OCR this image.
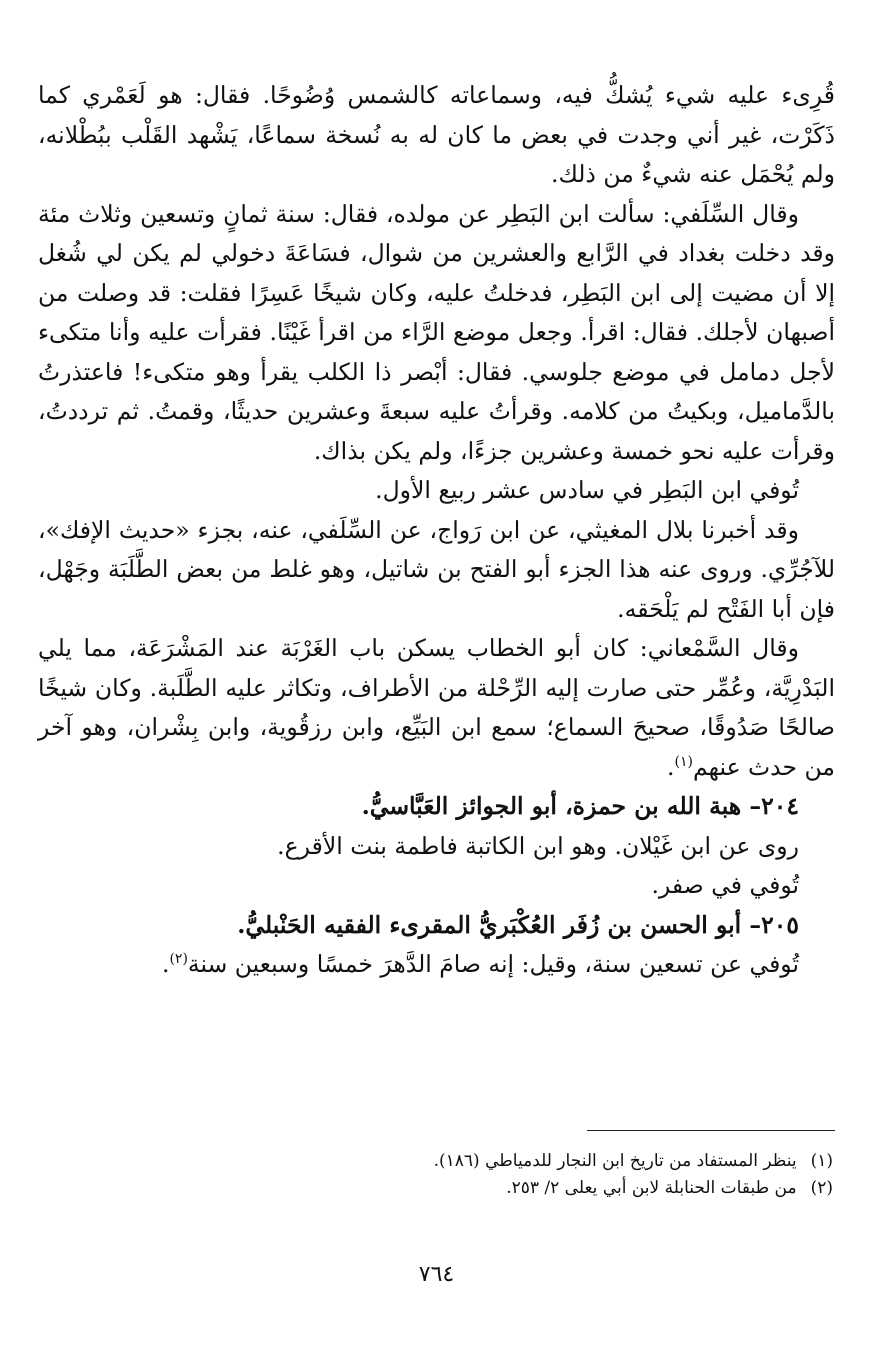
قُرِىء عليه شيء يُشكُّ فيه، وسماعاته كالشمس وُضُوحًا. فقال: هو لَعَمْري كما ذَكَرْت، غير أني وجدت في بعض ما كان له به نُسخة سماعًا، يَشْهد القَلْب ببُطْلانه، ولم يُحْمَل عنه شيءٌ من ذلك.

وقال السِّلَفي: سألت ابن البَطِر عن مولده، فقال: سنة ثمانٍ وتسعين وثلاث مئة وقد دخلت بغداد في الرَّابع والعشرين من شوال، فسَاعَةَ دخولي لم يكن لي شُغل إلا أن مضيت إلى ابن البَطِر، فدخلتُ عليه، وكان شيخًا عَسِرًا فقلت: قد وصلت من أصبهان لأجلك. فقال: اقرأ. وجعل موضع الرَّاء من اقرأ غَيْنًا. فقرأت عليه وأنا متكىء لأجل دمامل في موضع جلوسي. فقال: أبْصر ذا الكلب يقرأ وهو متكىء! فاعتذرتُ بالدَّماميل، وبكيتُ من كلامه. وقرأتُ عليه سبعةَ وعشرين حديثًا، وقمتُ. ثم ترددتُ، وقرأت عليه نحو خمسة وعشرين جزءًا، ولم يكن بذاك.

تُوفي ابن البَطِر في سادس عشر ربيع الأول.

وقد أخبرنا بلال المغيثي، عن ابن رَواج، عن السِّلَفي، عنه، بجزء «حديث الإفك»، للآجُرِّي. وروى عنه هذا الجزء أبو الفتح بن شاتيل، وهو غلط من بعض الطَّلَبَة وجَهْل، فإن أبا الفَتْح لم يَلْحَقه.

وقال السَّمْعاني: كان أبو الخطاب يسكن باب الغَرْبَة عند المَشْرَعَة، مما يلي البَدْرِيَّة، وعُمِّر حتى صارت إليه الرِّحْلة من الأطراف، وتكاثر عليه الطَّلَبة. وكان شيخًا صالحًا صَدُوقًا، صحيحَ السماع؛ سمع ابن البَيِّع، وابن رزقُوية، وابن بِشْران، وهو آخر من حدث عنهم$^{(١)}$.

٢٠٤– هبة الله بن حمزة، أبو الجوائز العَبَّاسيُّ.

روى عن ابن غَيْلان. وهو ابن الكاتبة فاطمة بنت الأقرع.

تُوفي في صفر.

٢٠٥– أبو الحسن بن زُفَر العُكْبَريُّ المقرىء الفقيه الحَنْبليُّ.

تُوفي عن تسعين سنة، وقيل: إنه صامَ الدَّهرَ خمسًا وسبعين سنة$^{(٢)}$.

(١)
ينظر المستفاد من تاريخ ابن النجار للدمياطي (١٨٦).
(٢)
من طبقات الحنابلة لابن أبي يعلى ٢/ ٢٥٣.
٧٦٤
